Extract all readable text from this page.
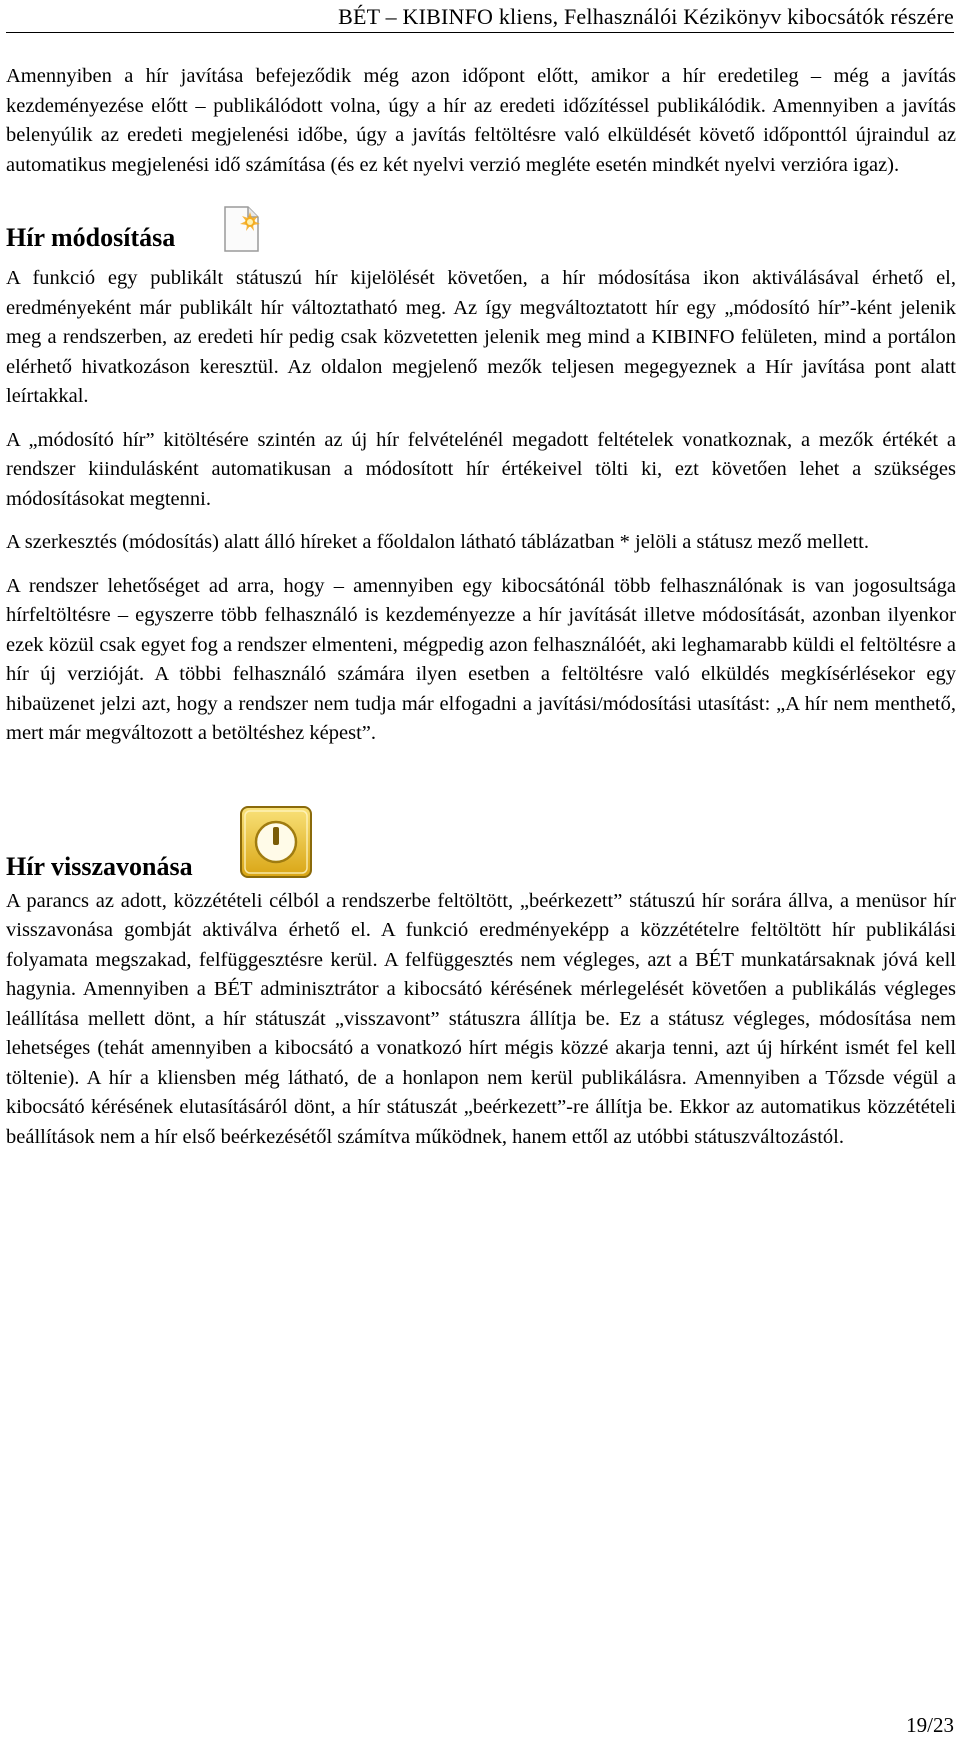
BÉT – KIBINFO kliens, Felhasználói Kézikönyv kibocsátók részére

Amennyiben a hír javítása befejeződik még azon időpont előtt, amikor a hír eredetileg – még a javítás kezdeményezése előtt – publikálódott volna, úgy a hír az eredeti időzítéssel publikálódik. Amennyiben a javítás belenyúlik az eredeti megjelenési időbe, úgy a javítás feltöltésre való elküldését követő időponttól újraindul az automatikus megjelenési idő számítása (és ez két nyelvi verzió megléte esetén mindkét nyelvi verzióra igaz).

Hír módosítása

A funkció egy publikált státuszú hír kijelölését követően, a hír módosítása ikon aktiválásával érhető el, eredményeként már publikált hír változtatható meg. Az így megváltoztatott hír egy „módosító hír”-ként jelenik meg a rendszerben, az eredeti hír pedig csak közvetetten jelenik meg mind a KIBINFO felületen, mind a portálon elérhető hivatkozáson keresztül. Az oldalon megjelenő mezők teljesen megegyeznek a Hír javítása pont alatt leírtakkal.

A „módosító hír” kitöltésére szintén az új hír felvételénél megadott feltételek vonatkoznak, a mezők értékét a rendszer kiindulásként automatikusan a módosított hír értékeivel tölti ki, ezt követően lehet a szükséges módosításokat megtenni.

A szerkesztés (módosítás) alatt álló híreket a főoldalon látható táblázatban * jelöli a státusz mező mellett.

A rendszer lehetőséget ad arra, hogy – amennyiben egy kibocsátónál több felhasználónak is van jogosultsága hírfeltöltésre – egyszerre több felhasználó is kezdeményezze a hír javítását illetve módosítását, azonban ilyenkor ezek közül csak egyet fog a rendszer elmenteni, mégpedig azon felhasználóét, aki leghamarabb küldi el feltöltésre a hír új verzióját. A többi felhasználó számára ilyen esetben a feltöltésre való elküldés megkísérlésekor egy hibaüzenet jelzi azt, hogy a rendszer nem tudja már elfogadni a javítási/módosítási utasítást: „A hír nem menthető, mert már megváltozott a betöltéshez képest”.

Hír visszavonása

A parancs az adott, közzétételi célból a rendszerbe feltöltött, „beérkezett” státuszú hír sorára állva, a menüsor hír visszavonása gombját aktiválva érhető el. A funkció eredményeképp a közzétételre feltöltött hír publikálási folyamata megszakad, felfüggesztésre kerül. A felfüggesztés nem végleges, azt a BÉT munkatársaknak jóvá kell hagynia. Amennyiben a BÉT adminisztrátor a kibocsátó kérésének mérlegelését követően a publikálás végleges leállítása mellett dönt, a hír státuszát „visszavont” státuszra állítja be. Ez a státusz végleges, módosítása nem lehetséges (tehát amennyiben a kibocsátó a vonatkozó hírt mégis közzé akarja tenni, azt új hírként ismét fel kell töltenie). A hír a kliensben még látható, de a honlapon nem kerül publikálásra. Amennyiben a Tőzsde végül a kibocsátó kérésének elutasításáról dönt, a hír státuszát „beérkezett”-re állítja be. Ekkor az automatikus közzétételi beállítások nem a hír első beérkezésétől számítva működnek, hanem ettől az utóbbi státuszváltozástól.

19/23
